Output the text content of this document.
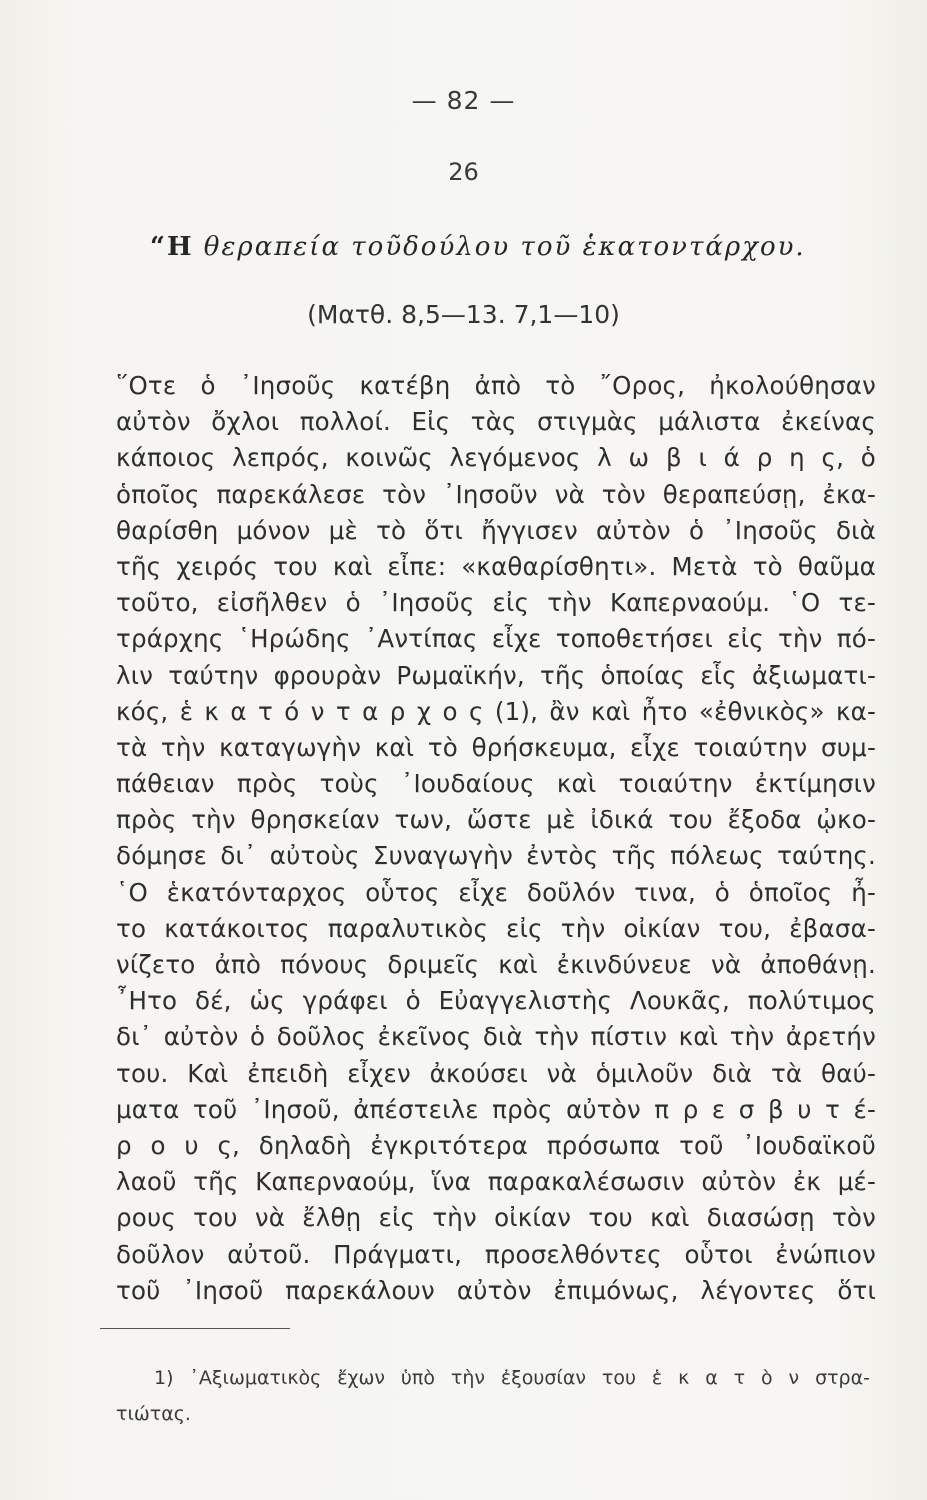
— 82 —
26
“Η θεραπεία τοῦδούλου τοῦ ἑκατοντάρχου.
(Ματθ. 8,5—13. 7,1—10)
῞Οτε ὁ ᾿Ιησοῦς κατέβη ἀπὸ τὸ ῎Ορος, ἠκολούθησαν
αὐτὸν ὄχλοι πολλοί. Εἰς τὰς στιγμὰς μάλιστα ἐκείνας
κάποιος λεπρός, κοινῶς λεγόμενος λ ω β ι ά ρ η ς, ὁ
ὁποῖος παρεκάλεσε τὸν ᾿Ιησοῦν νὰ τὸν θεραπεύσῃ, ἐκα-
θαρίσθη μόνον μὲ τὸ ὅτι ἤγγισεν αὐτὸν ὁ ᾿Ιησοῦς διὰ
τῆς χειρός του καὶ εἶπε: «καθαρίσθητι». Μετὰ τὸ θαῦμα
τοῦτο, εἰσῆλθεν ὁ ᾿Ιησοῦς εἰς τὴν Καπερναούμ. ῾Ο τε-
τράρχης ῾Ηρώδης ᾿Αντίπας εἶχε τοποθετήσει εἰς τὴν πό-
λιν ταύτην φρουρὰν Ρωμαϊκήν, τῆς ὁποίας εἷς ἀξιωματι-
κός, ἑ κ α τ ό ν τ α ρ χ ο ς (1), ἂν καὶ ἦτο «ἐθνικὸς» κα-
τὰ τὴν καταγωγὴν καὶ τὸ θρήσκευμα, εἶχε τοιαύτην συμ-
πάθειαν πρὸς τοὺς ᾿Ιουδαίους καὶ τοιαύτην ἐκτίμησιν
πρὸς τὴν θρησκείαν των, ὥστε μὲ ἰδικά του ἔξοδα ᾠκο-
δόμησε δι᾿ αὐτοὺς Συναγωγὴν ἐντὸς τῆς πόλεως ταύτης.
῾Ο ἑκατόνταρχος οὗτος εἶχε δοῦλόν τινα, ὁ ὁποῖος ἦ-
το κατάκοιτος παραλυτικὸς εἰς τὴν οἰκίαν του, ἐβασα-
νίζετο ἀπὸ πόνους δριμεῖς καὶ ἐκινδύνευε νὰ ἀποθάνῃ.
῏Ητο δέ, ὡς γράφει ὁ Εὐαγγελιστὴς Λουκᾶς, πολύτιμος
δι᾿ αὐτὸν ὁ δοῦλος ἐκεῖνος διὰ τὴν πίστιν καὶ τὴν ἀρετήν
του. Καὶ ἐπειδὴ εἶχεν ἀκούσει νὰ ὁμιλοῦν διὰ τὰ θαύ-
ματα τοῦ ᾿Ιησοῦ, ἀπέστειλε πρὸς αὐτὸν π ρ ε σ β υ τ έ-
ρ ο υ ς, δηλαδὴ ἐγκριτότερα πρόσωπα τοῦ ᾿Ιουδαϊκοῦ
λαοῦ τῆς Καπερναούμ, ἵνα παρακαλέσωσιν αὐτὸν ἐκ μέ-
ρους του νὰ ἔλθῃ εἰς τὴν οἰκίαν του καὶ διασώσῃ τὸν
δοῦλον αὐτοῦ. Πράγματι, προσελθόντες οὗτοι ἐνώπιον
τοῦ ᾿Ιησοῦ παρεκάλουν αὐτὸν ἐπιμόνως, λέγοντες ὅτι
1) ᾿Αξιωματικὸς ἔχων ὑπὸ τὴν ἐξουσίαν του ἑ κ α τ ὸ ν στρα-
τιώτας.
